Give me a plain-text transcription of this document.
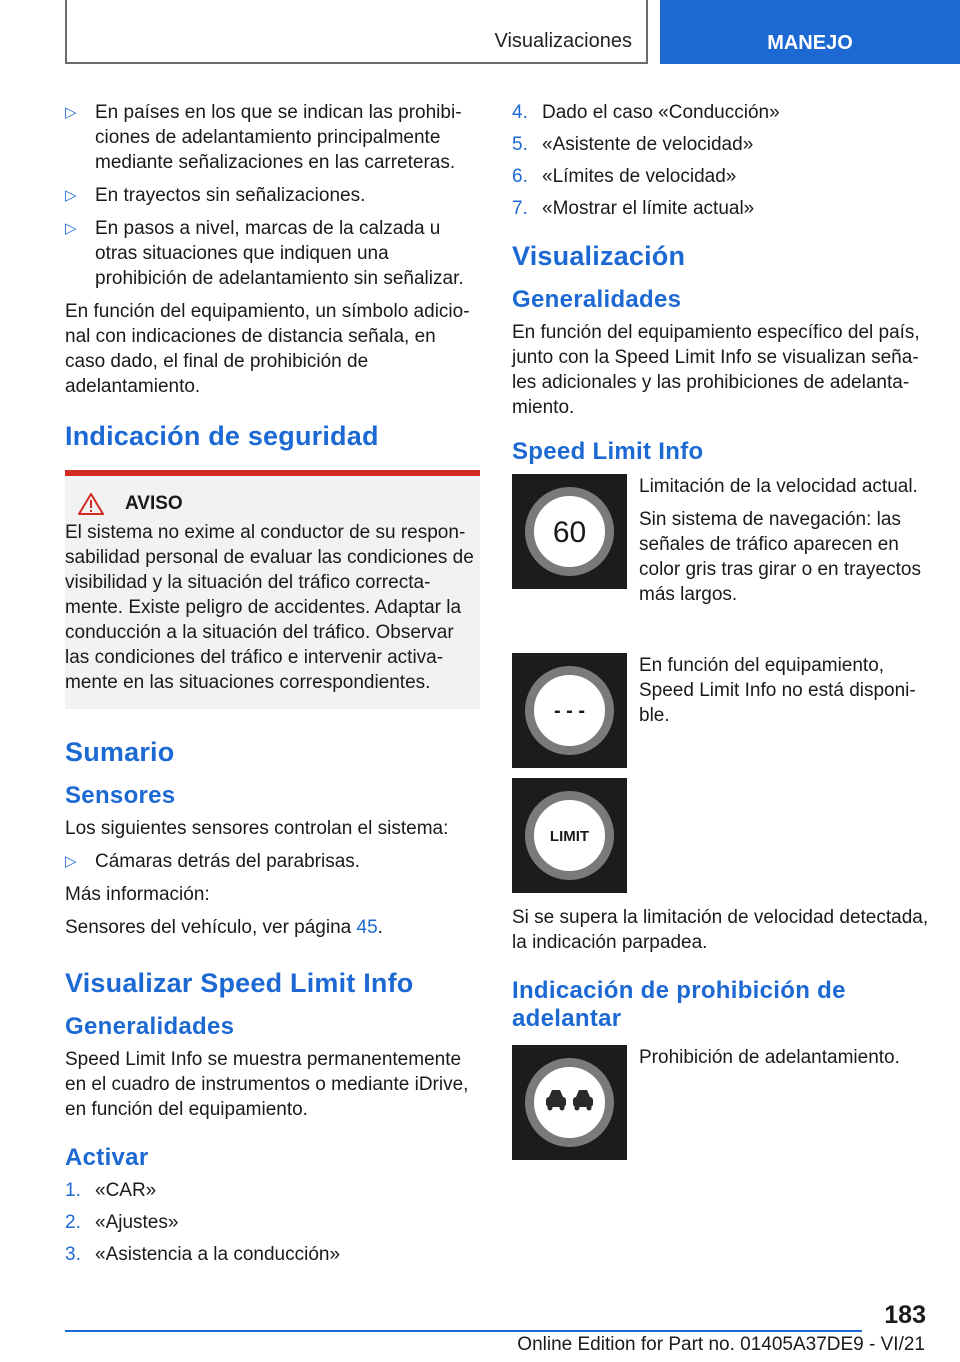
Visualizaciones	MANEJO
▷ En países en los que se indican las prohibiciones de adelantamiento principalmente mediante señalizaciones en las carreteras.
▷ En trayectos sin señalizaciones.
▷ En pasos a nivel, marcas de la calzada u otras situaciones que indiquen una prohibición de adelantamiento sin señalizar.

En función del equipamiento, un símbolo adicional con indicaciones de distancia señala, en caso dado, el final de prohibición de adelantamiento.

Indicación de seguridad
AVISO

El sistema no exime al conductor de su responsabilidad personal de evaluar las condiciones de visibilidad y la situación del tráfico correctamente. Existe peligro de accidentes. Adaptar la conducción a la situación del tráfico. Observar las condiciones del tráfico e intervenir activamente en las situaciones correspondientes.

Sumario
Sensores

Los siguientes sensores controlan el sistema:

▷ Cámaras detrás del parabrisas.

Más información:

Sensores del vehículo, ver página 45.

Visualizar Speed Limit Info
Generalidades

Speed Limit Info se muestra permanentemente en el cuadro de instrumentos o mediante iDrive, en función del equipamiento.

Activar
1. «CAR»
2. «Ajustes»
3. «Asistencia a la conducción»
4. Dado el caso «Conducción»
5. «Asistente de velocidad»
6. «Límites de velocidad»
7. «Mostrar el límite actual»
Visualización
Generalidades

En función del equipamiento específico del país, junto con la Speed Limit Info se visualizan señales adicionales y las prohibiciones de adelantamiento.

Speed Limit Info
60

Limitación de la velocidad actual.

Sin sistema de navegación: las señales de tráfico aparecen en color gris tras girar o en trayectos más largos.

- - -

En función del equipamiento, Speed Limit Info no está disponible.

LIMIT

Si se supera la limitación de velocidad detectada, la indicación parpadea.

Indicación de prohibición de adelantar

Prohibición de adelantamiento.

183
Online Edition for Part no. 01405A37DE9 - VI/21
